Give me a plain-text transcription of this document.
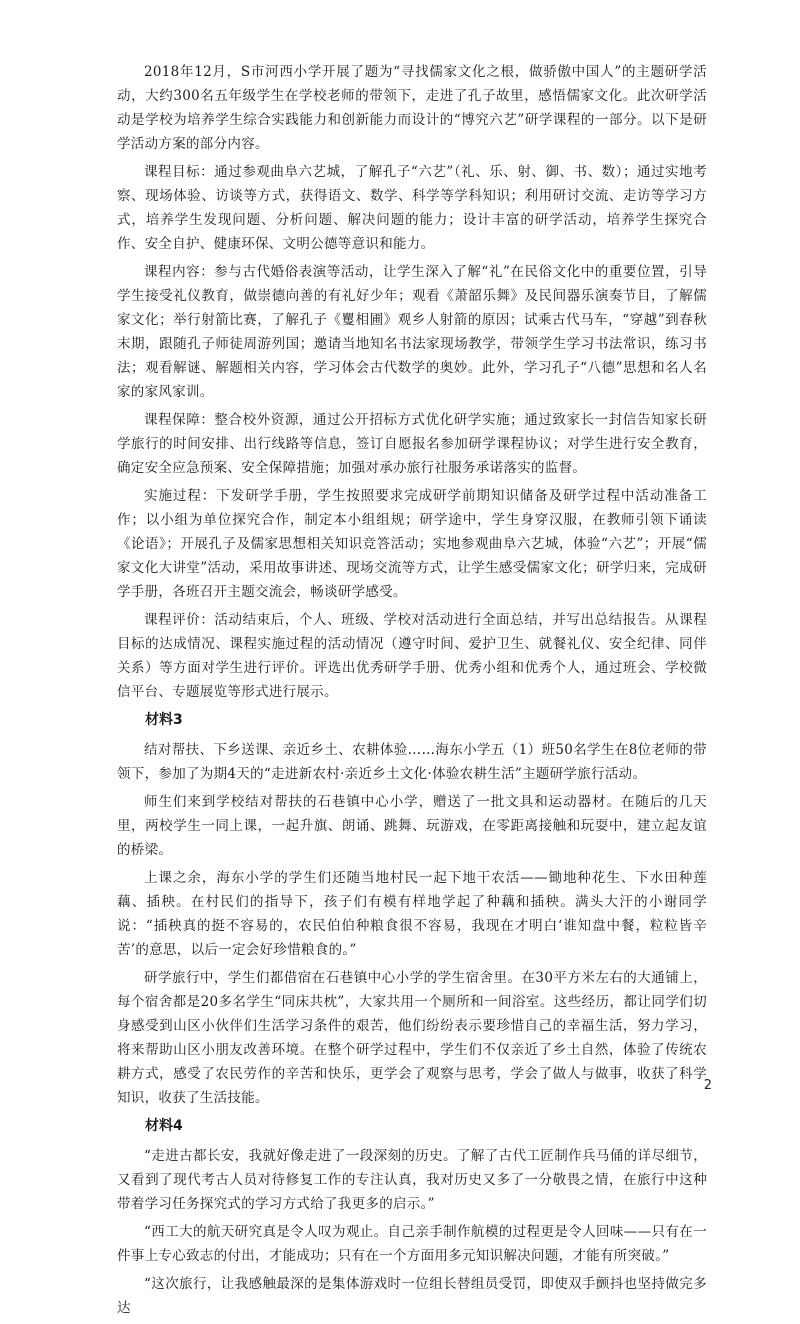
2018年12月，S市河西小学开展了题为“寻找儒家文化之根，做骄傲中国人”的主题研学活动，大约300名五年级学生在学校老师的带领下，走进了孔子故里，感悟儒家文化。此次研学活动是学校为培养学生综合实践能力和创新能力而设计的“博究六艺”研学课程的一部分。以下是研学活动方案的部分内容。

课程目标：通过参观曲阜六艺城，了解孔子“六艺”（礼、乐、射、御、书、数）；通过实地考察、现场体验、访谈等方式，获得语文、数学、科学等学科知识；利用研讨交流、走访等学习方式，培养学生发现问题、分析问题、解决问题的能力；设计丰富的研学活动，培养学生探究合作、安全自护、健康环保、文明公德等意识和能力。

课程内容：参与古代婚俗表演等活动，让学生深入了解“礼”在民俗文化中的重要位置，引导学生接受礼仪教育，做崇德向善的有礼好少年；观看《萧韶乐舞》及民间器乐演奏节目，了解儒家文化；举行射箭比赛，了解孔子《矍相圃》观乡人射箭的原因；试乘古代马车，“穿越”到春秋末期，跟随孔子师徒周游列国；邀请当地知名书法家现场教学，带领学生学习书法常识，练习书法；观看解谜、解题相关内容，学习体会古代数学的奥妙。此外，学习孔子“八德”思想和名人名家的家风家训。

课程保障：整合校外资源，通过公开招标方式优化研学实施；通过致家长一封信告知家长研学旅行的时间安排、出行线路等信息，签订自愿报名参加研学课程协议；对学生进行安全教育，确定安全应急预案、安全保障措施；加强对承办旅行社服务承诺落实的监督。

实施过程：下发研学手册，学生按照要求完成研学前期知识储备及研学过程中活动准备工作；以小组为单位探究合作，制定本小组组规；研学途中，学生身穿汉服，在教师引领下诵读《论语》；开展孔子及儒家思想相关知识竞答活动；实地参观曲阜六艺城，体验“六艺”；开展“儒家文化大讲堂”活动，采用故事讲述、现场交流等方式，让学生感受儒家文化；研学归来，完成研学手册，各班召开主题交流会，畅谈研学感受。

课程评价：活动结束后，个人、班级、学校对活动进行全面总结，并写出总结报告。从课程目标的达成情况、课程实施过程的活动情况（遵守时间、爱护卫生、就餐礼仪、安全纪律、同伴关系）等方面对学生进行评价。评选出优秀研学手册、优秀小组和优秀个人，通过班会、学校微信平台、专题展览等形式进行展示。

材料3

结对帮扶、下乡送课、亲近乡土、农耕体验……海东小学五（1）班50名学生在8位老师的带领下，参加了为期4天的“走进新农村·亲近乡土文化·体验农耕生活”主题研学旅行活动。

师生们来到学校结对帮扶的石巷镇中心小学，赠送了一批文具和运动器材。在随后的几天里，两校学生一同上课，一起升旗、朗诵、跳舞、玩游戏，在零距离接触和玩耍中，建立起友谊的桥梁。

上课之余，海东小学的学生们还随当地村民一起下地干农活——锄地种花生、下水田种莲藕、插秧。在村民们的指导下，孩子们有模有样地学起了种藕和插秧。满头大汗的小谢同学说：“插秧真的挺不容易的，农民伯伯种粮食很不容易，我现在才明白‘谁知盘中餐，粒粒皆辛苦’的意思，以后一定会好珍惜粮食的。”

研学旅行中，学生们都借宿在石巷镇中心小学的学生宿舍里。在30平方米左右的大通铺上，每个宿舍都是20多名学生“同床共枕”，大家共用一个厕所和一间浴室。这些经历，都让同学们切身感受到山区小伙伴们生活学习条件的艰苦，他们纷纷表示要珍惜自己的幸福生活，努力学习，将来帮助山区小朋友改善环境。在整个研学过程中，学生们不仅亲近了乡土自然，体验了传统农耕方式，感受了农民劳作的辛苦和快乐，更学会了观察与思考，学会了做人与做事，收获了科学知识，收获了生活技能。

材料4

“走进古都长安，我就好像走进了一段深刻的历史。了解了古代工匠制作兵马俑的详尽细节，又看到了现代考古人员对待修复工作的专注认真，我对历史又多了一分敬畏之情，在旅行中这种带着学习任务探究式的学习方式给了我更多的启示。”

“西工大的航天研究真是令人叹为观止。自己亲手制作航模的过程更是令人回味——只有在一件事上专心致志的付出，才能成功；只有在一个方面用多元知识解决问题，才能有所突破。”

“这次旅行，让我感触最深的是集体游戏时一位组长替组员受罚，即使双手颤抖也坚持做完多达

2
